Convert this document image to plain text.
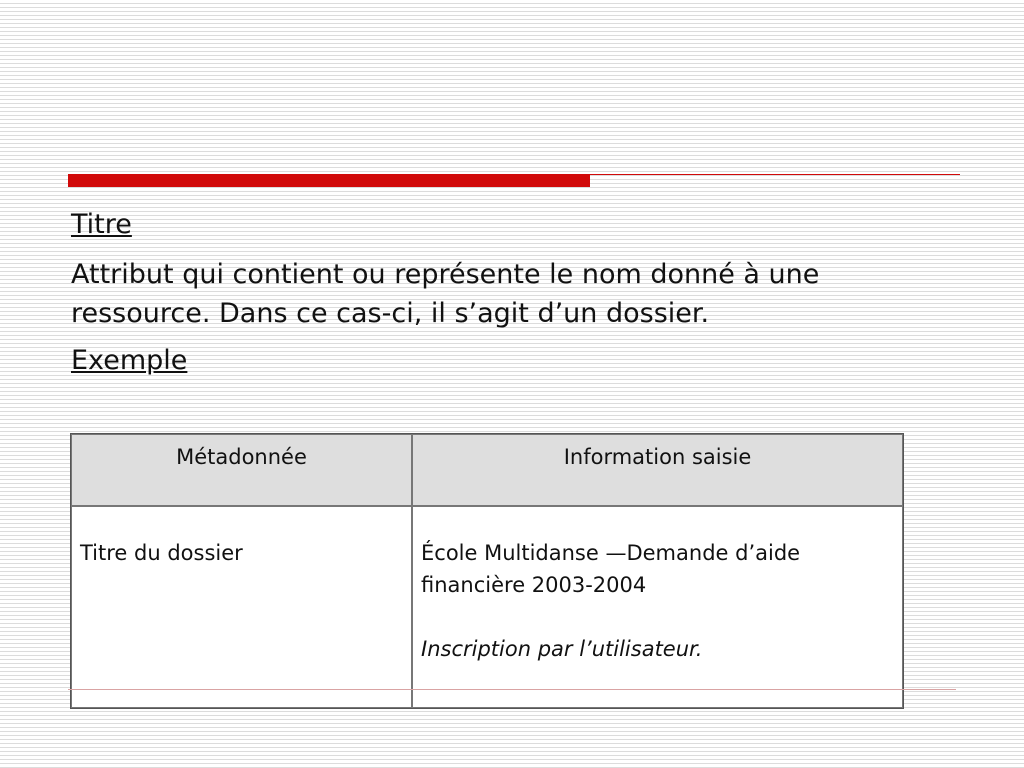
Titre
Attribut qui contient ou représente le nom donné à une ressource. Dans ce cas-ci, il s’agit d’un dossier.
Exemple
Métadonnée	Information saisie
Titre du dossier	École Multidanse —Demande d’aide financière 2003-2004
Inscription par l’utilisateur.
